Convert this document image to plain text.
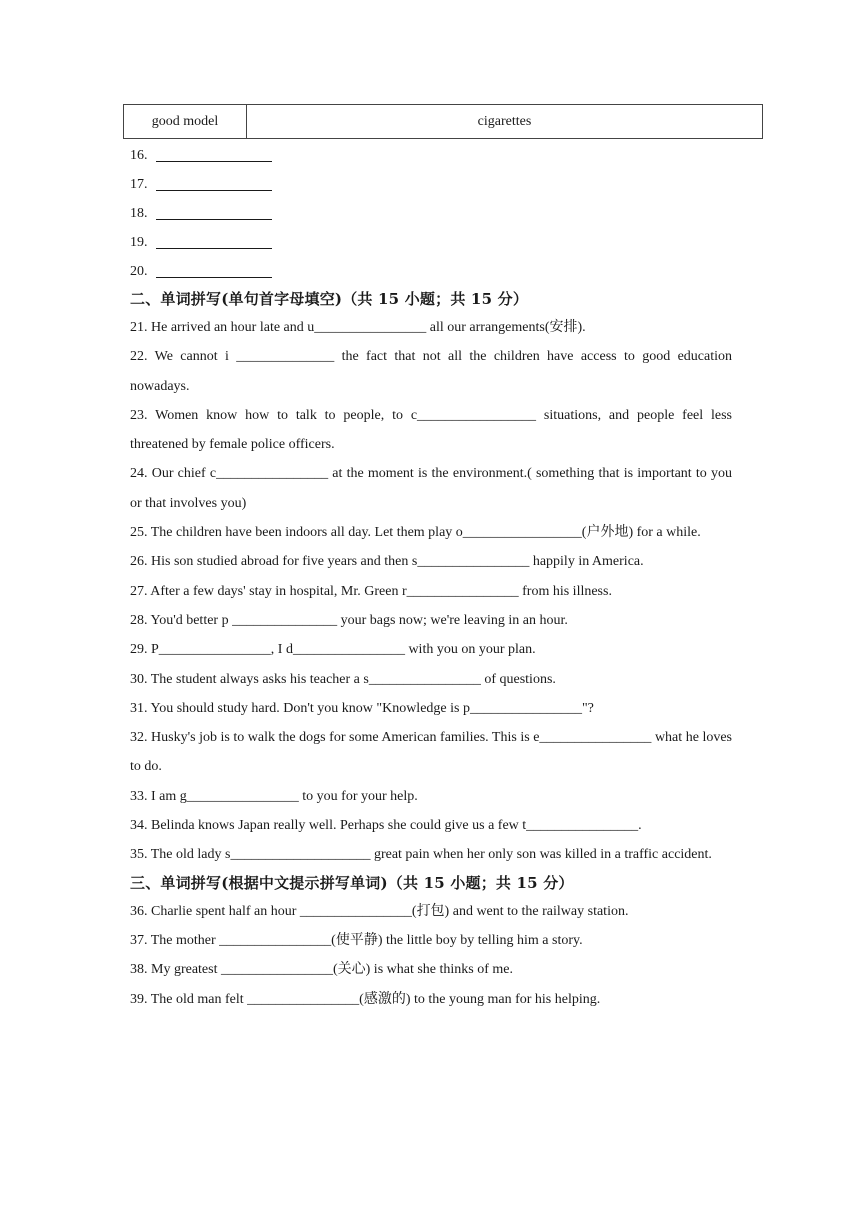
good model	cigarettes
16.
17.
18.
19.
20.
二、单词拼写(单句首字母填空)（共 15 小题；共 15 分）
21. He arrived an hour late and u________________ all our arrangements(安排).
22. We cannot i ______________ the fact that not all the children have access to good education nowadays.
23. Women know how to talk to people, to c_________________ situations, and people feel less threatened by female police officers.
24. Our chief c________________ at the moment is the environment.( something that is important to you or that involves you)
25. The children have been indoors all day. Let them play o_________________(户外地) for a while.
26. His son studied abroad for five years and then s________________ happily in America.
27. After a few days' stay in hospital, Mr. Green r________________ from his illness.
28. You'd better p _______________ your bags now; we're leaving in an hour.
29. P________________, I d________________ with you on your plan.
30. The student always asks his teacher a s________________ of questions.
31. You should study hard. Don't you know "Knowledge is p________________"?
32. Husky's job is to walk the dogs for some American families. This is e________________ what he loves to do.
33. I am g________________ to you for your help.
34. Belinda knows Japan really well. Perhaps she could give us a few t________________.
35. The old lady s____________________ great pain when her only son was killed in a traffic accident.
三、单词拼写(根据中文提示拼写单词)（共 15 小题；共 15 分）
36. Charlie spent half an hour ________________(打包) and went to the railway station.
37. The mother ________________(使平静) the little boy by telling him a story.
38. My greatest ________________(关心) is what she thinks of me.
39. The old man felt ________________(感激的) to the young man for his helping.
